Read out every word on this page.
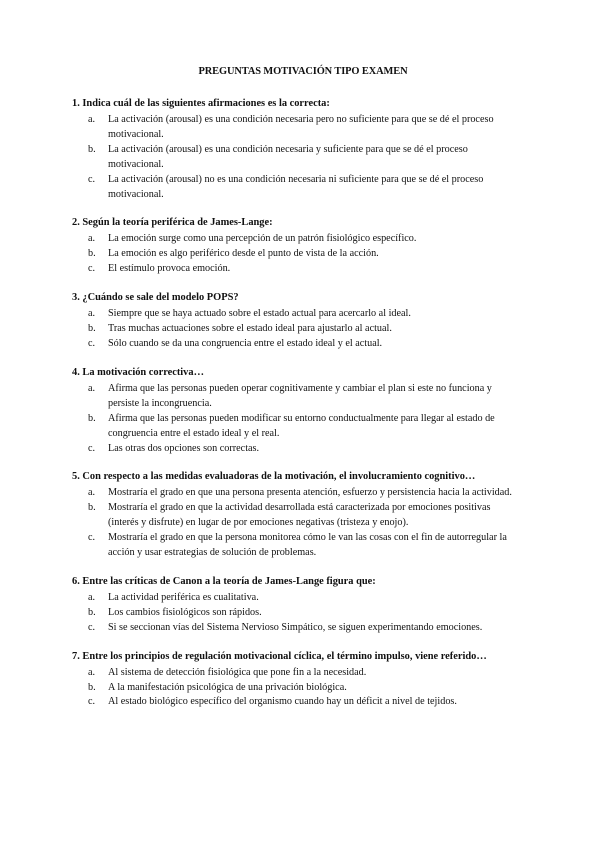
PREGUNTAS MOTIVACIÓN TIPO EXAMEN
1. Indica cuál de las siguientes afirmaciones es la correcta:
a. La activación (arousal) es una condición necesaria pero no suficiente para que se dé el proceso motivacional.
b. La activación (arousal) es una condición necesaria y suficiente para que se dé el proceso motivacional.
c. La activación (arousal) no es una condición necesaria ni suficiente para que se dé el proceso motivacional.
2. Según la teoría periférica de James-Lange:
a. La emoción surge como una percepción de un patrón fisiológico específico.
b. La emoción es algo periférico desde el punto de vista de la acción.
c. El estímulo provoca emoción.
3. ¿Cuándo se sale del modelo POPS?
a. Siempre que se haya actuado sobre el estado actual para acercarlo al ideal.
b. Tras muchas actuaciones sobre el estado ideal para ajustarlo al actual.
c. Sólo cuando se da una congruencia entre el estado ideal y el actual.
4. La motivación correctiva…
a. Afirma que las personas pueden operar cognitivamente y cambiar el plan si este no funciona y persiste la incongruencia.
b. Afirma que las personas pueden modificar su entorno conductualmente para llegar al estado de congruencia entre el estado ideal y el real.
c. Las otras dos opciones son correctas.
5. Con respecto a las medidas evaluadoras de la motivación, el involucramiento cognitivo…
a. Mostraría el grado en que una persona presenta atención, esfuerzo y persistencia hacia la actividad.
b. Mostraría el grado en que la actividad desarrollada está caracterizada por emociones positivas (interés y disfrute) en lugar de por emociones negativas (tristeza y enojo).
c. Mostraría el grado en que la persona monitorea cómo le van las cosas con el fin de autorregular la acción y usar estrategias de solución de problemas.
6. Entre las críticas de Canon a la teoría de James-Lange figura que:
a. La actividad periférica es cualitativa.
b. Los cambios fisiológicos son rápidos.
c. Si se seccionan vías del Sistema Nervioso Simpático, se siguen experimentando emociones.
7. Entre los principios de regulación motivacional cíclica, el término impulso, viene referido…
a. Al sistema de detección fisiológica que pone fin a la necesidad.
b. A la manifestación psicológica de una privación biológica.
c. Al estado biológico específico del organismo cuando hay un déficit a nivel de tejidos.
